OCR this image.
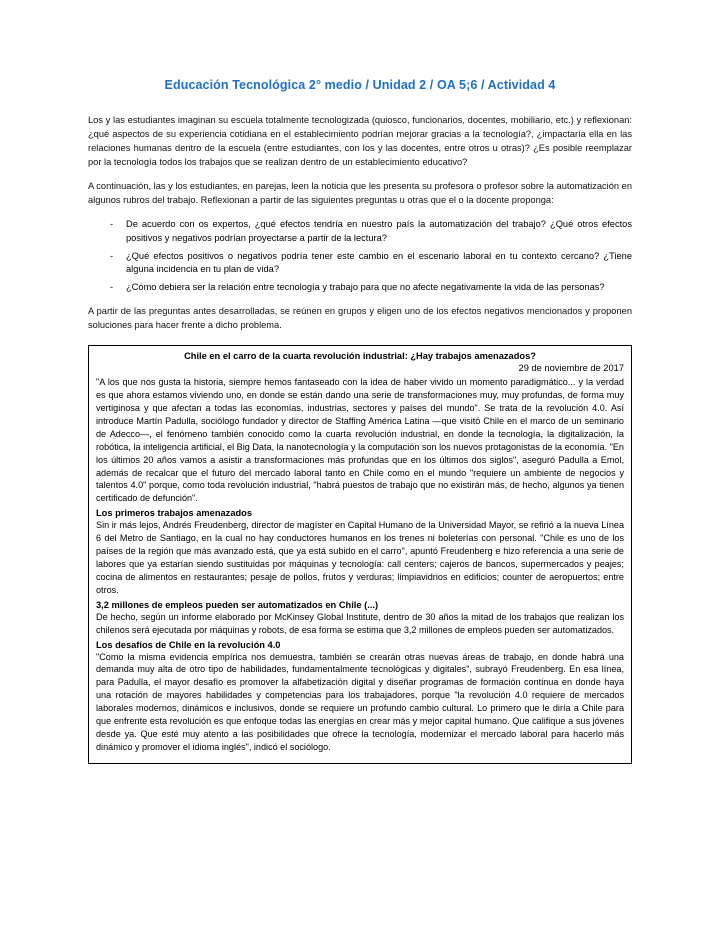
Educación Tecnológica 2° medio / Unidad 2 / OA 5;6 / Actividad 4

Los y las estudiantes imaginan su escuela totalmente tecnologizada (quiosco, funcionarios, docentes, mobiliario, etc.) y reflexionan: ¿qué aspectos de su experiencia cotidiana en el establecimiento podrían mejorar gracias a la tecnología?, ¿impactaría ella en las relaciones humanas dentro de la escuela (entre estudiantes, con los y las docentes, entre otros u otras)? ¿Es posible reemplazar por la tecnología todos los trabajos que se realizan dentro de un establecimiento educativo?

A continuación, las y los estudiantes, en parejas, leen la noticia que les presenta su profesora o profesor sobre la automatización en algunos rubros del trabajo. Reflexionan a partir de las siguientes preguntas u otras que el o la docente proponga:

- De acuerdo con os expertos, ¿qué efectos tendría en nuestro país la automatización del trabajo? ¿Qué otros efectos positivos y negativos podrían proyectarse a partir de la lectura?
- ¿Qué efectos positivos o negativos podría tener este cambio en el escenario laboral en tu contexto cercano? ¿Tiene alguna incidencia en tu plan de vida?
- ¿Cómo debiera ser la relación entre tecnología y trabajo para que no afecte negativamente la vida de las personas?

A partir de las preguntas antes desarrolladas, se reúnen en grupos y eligen uno de los efectos negativos mencionados y proponen soluciones para hacer frente a dicho problema.

Chile en el carro de la cuarta revolución industrial: ¿Hay trabajos amenazados?
29 de noviembre de 2017

"A los que nos gusta la historia, siempre hemos fantaseado con la idea de haber vivido un momento paradigmático... y la verdad es que ahora estamos viviendo uno, en donde se están dando una serie de transformaciones muy, muy profundas, de forma muy vertiginosa y que afectan a todas las economías, industrias, sectores y países del mundo". Se trata de la revolución 4.0. Así introduce Martín Padulla, sociólogo fundador y director de Staffing América Latina —que visitó Chile en el marco de un seminario de Adecco—, el fenómeno también conocido como la cuarta revolución industrial, en donde la tecnología, la digitalización, la robótica, la inteligencia artificial, el Big Data, la nanotecnología y la computación son los nuevos protagonistas de la economía. "En los últimos 20 años vamos a asistir a transformaciones más profundas que en los últimos dos siglos", aseguró Padulla a Emol, además de recalcar que el futuro del mercado laboral tanto en Chile como en el mundo "requiere un ambiente de negocios y talentos 4.0" porque, como toda revolución industrial, "habrá puestos de trabajo que no existirán más, de hecho, algunos ya tienen certificado de defunción".

Los primeros trabajos amenazados

Sin ir más lejos, Andrés Freudenberg, director de magíster en Capital Humano de la Universidad Mayor, se refirió a la nueva Línea 6 del Metro de Santiago, en la cual no hay conductores humanos en los trenes ni boleterías con personal. "Chile es uno de los países de la región que más avanzado está, que ya está subido en el carro", apuntó Freudenberg e hizo referencia a una serie de labores que ya estarían siendo sustituidas por máquinas y tecnología: call centers; cajeros de bancos, supermercados y peajes; cocina de alimentos en restaurantes; pesaje de pollos, frutos y verduras; limpiavidrios en edificios; counter de aeropuertos; entre otros.

3,2 millones de empleos pueden ser automatizados en Chile (...)

De hecho, según un informe elaborado por McKinsey Global Institute, dentro de 30 años la mitad de los trabajos que realizan los chilenos será ejecutada por máquinas y robots, de esa forma se estima que 3,2 millones de empleos pueden ser automatizados.

Los desafíos de Chile en la revolución 4.0

"Como la misma evidencia empírica nos demuestra, también se crearán otras nuevas áreas de trabajo, en donde habrá una demanda muy alta de otro tipo de habilidades, fundamentalmente tecnológicas y digitales", subrayó Freudenberg. En esa línea, para Padulla, el mayor desafío es promover la alfabetización digital y diseñar programas de formación continua en donde haya una rotación de mayores habilidades y competencias para los trabajadores, porque "la revolución 4.0 requiere de mercados laborales modernos, dinámicos e inclusivos, donde se requiere un profundo cambio cultural. Lo primero que le diría a Chile para que enfrente esta revolución es que enfoque todas las energías en crear más y mejor capital humano. Que califique a sus jóvenes desde ya. Que esté muy atento a las posibilidades que ofrece la tecnología, modernizar el mercado laboral para hacerlo más dinámico y promover el idioma inglés", indicó el sociólogo.
